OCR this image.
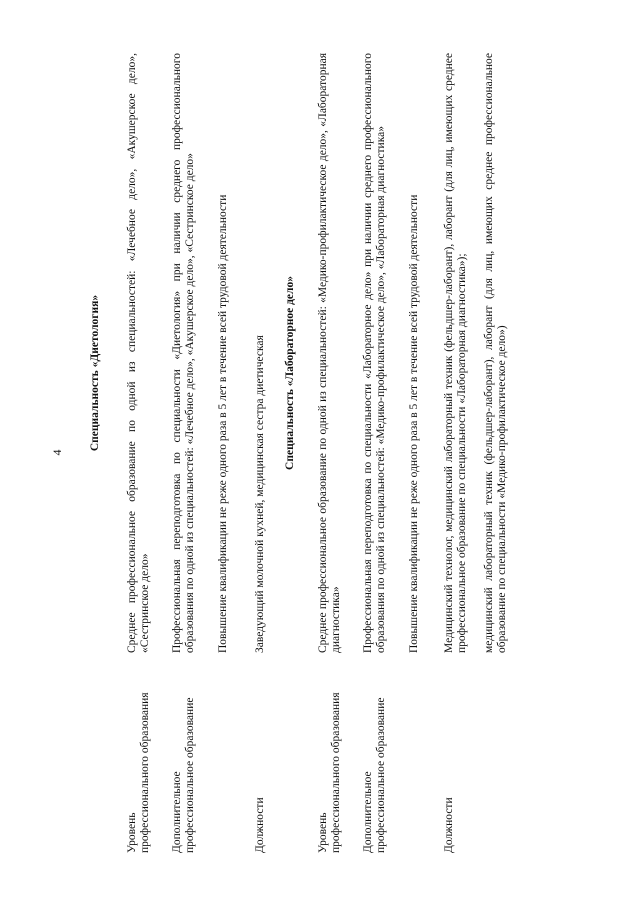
4
Специальность «Диетология»
Уровень профессионального образования

Среднее профессиональное образование по одной из специальностей: «Лечебное дело», «Акушерское дело», «Сестринское дело»

Дополнительное профессиональное образование

Профессиональная переподготовка по специальности «Диетология» при наличии среднего профессионального образования по одной из специальностей: «Лечебное дело», «Акушерское дело», «Сестринское дело» Повышение квалификации не реже одного раза в 5 лет в течение всей трудовой деятельности

Должности

Заведующий молочной кухней, медицинская сестра диетическая	Специальность «Лабораторное дело»
Уровень профессионального образования

Среднее профессиональное образование по одной из специальностей: «Медико-профилактическое дело», «Лабораторная диагностика»

Дополнительное профессиональное образование

Профессиональная переподготовка по специальности «Лабораторное дело» при наличии среднего профессионального образования по одной из специальностей: «Медико-профилактическое дело», «Лабораторная диагностика» Повышение квалификации не реже одного раза в 5 лет в течение всей трудовой деятельности

Должности

Медицинский технолог, медицинский лабораторный техник (фельдшер-лаборант), лаборант (для лиц, имеющих среднее профессиональное образование по специальности «Лабораторная диагностика»); медицинский лабораторный техник (фельдшер-лаборант), лаборант (для лиц, имеющих среднее профессиональное образование по специальности «Медико-профилактическое дело»)
